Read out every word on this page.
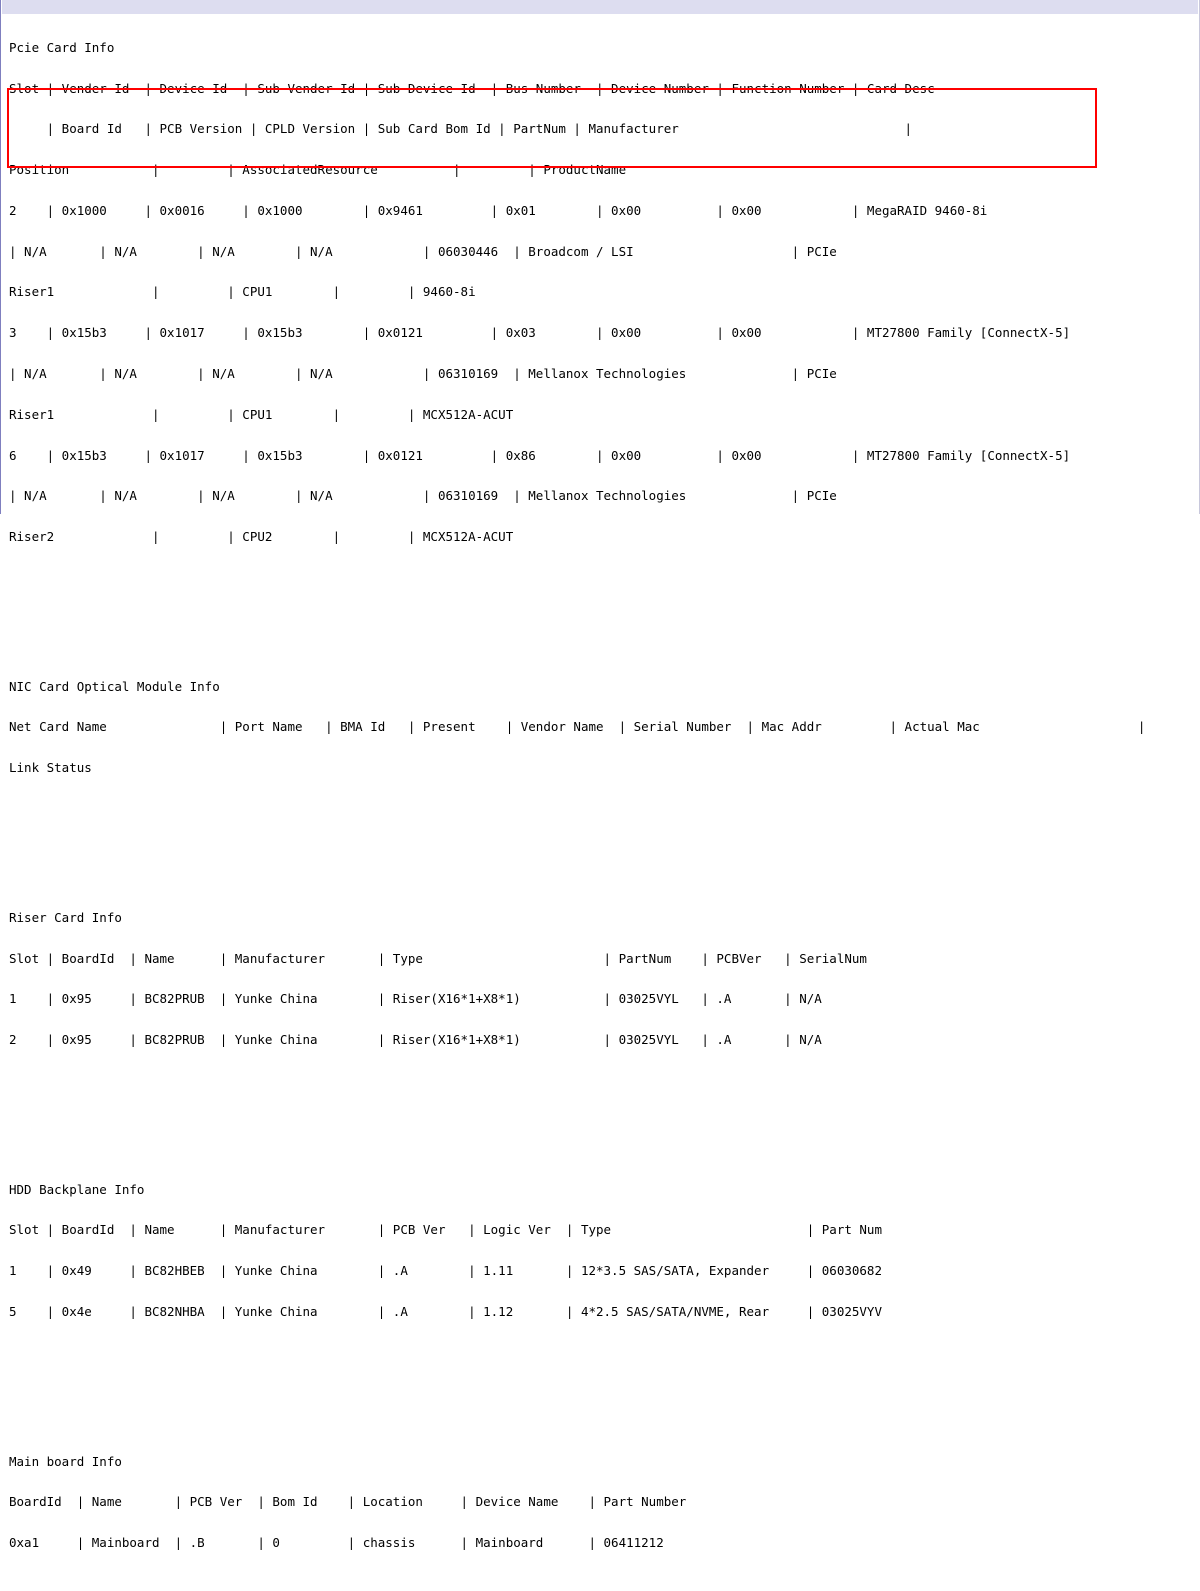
Pcie Card Info

Slot | Vender Id  | Device Id  | Sub Vender Id | Sub Device Id  | Bus Number  | Device Number | Function Number | Card Desc

| Board Id   | PCB Version | CPLD Version | Sub Card Bom Id | PartNum | Manufacturer                              |

Position           |         | AssociatedResource          |         | ProductName

2    | 0x1000     | 0x0016     | 0x1000        | 0x9461         | 0x01        | 0x00          | 0x00            | MegaRAID 9460-8i

| N/A       | N/A        | N/A        | N/A            | 06030446  | Broadcom / LSI                     | PCIe

Riser1             |         | CPU1        |         | 9460-8i

3    | 0x15b3     | 0x1017     | 0x15b3        | 0x0121         | 0x03        | 0x00          | 0x00            | MT27800 Family [ConnectX-5]

| N/A       | N/A        | N/A        | N/A            | 06310169  | Mellanox Technologies              | PCIe

Riser1             |         | CPU1        |         | MCX512A-ACUT

6    | 0x15b3     | 0x1017     | 0x15b3        | 0x0121         | 0x86        | 0x00          | 0x00            | MT27800 Family [ConnectX-5]

| N/A       | N/A        | N/A        | N/A            | 06310169  | Mellanox Technologies              | PCIe

Riser2             |         | CPU2        |         | MCX512A-ACUT

NIC Card Optical Module Info

Net Card Name               | Port Name   | BMA Id   | Present    | Vendor Name  | Serial Number  | Mac Addr         | Actual Mac                     |

Link Status

Riser Card Info

Slot | BoardId  | Name      | Manufacturer       | Type                        | PartNum    | PCBVer   | SerialNum

1    | 0x95     | BC82PRUB  | Yunke China        | Riser(X16*1+X8*1)           | 03025VYL   | .A       | N/A

2    | 0x95     | BC82PRUB  | Yunke China        | Riser(X16*1+X8*1)           | 03025VYL   | .A       | N/A

HDD Backplane Info

Slot | BoardId  | Name      | Manufacturer       | PCB Ver   | Logic Ver  | Type                          | Part Num

1    | 0x49     | BC82HBEB  | Yunke China        | .A        | 1.11       | 12*3.5 SAS/SATA, Expander     | 06030682

5    | 0x4e     | BC82NHBA  | Yunke China        | .A        | 1.12       | 4*2.5 SAS/SATA/NVME, Rear     | 03025VYV

Main board Info

BoardId  | Name       | PCB Ver  | Bom Id    | Location     | Device Name    | Part Number

0xa1     | Mainboard  | .B       | 0         | chassis      | Mainboard      | 06411212
